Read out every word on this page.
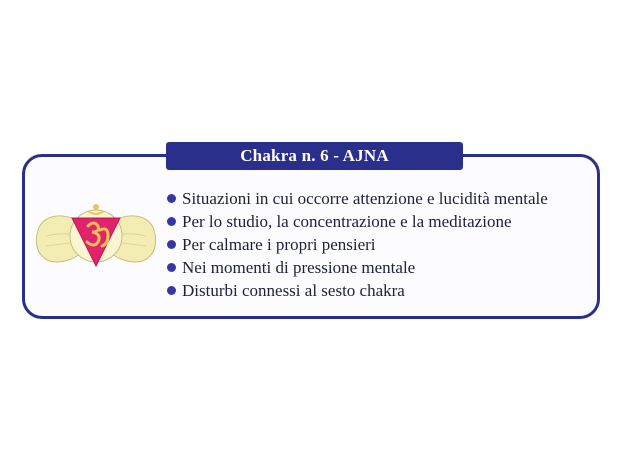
Chakra n. 6 - AJNA
Situazioni in cui occorre attenzione e lucidità mentale
Per lo studio, la concentrazione e la meditazione
Per calmare i propri pensieri
Nei momenti di pressione mentale
Disturbi connessi al sesto chakra
